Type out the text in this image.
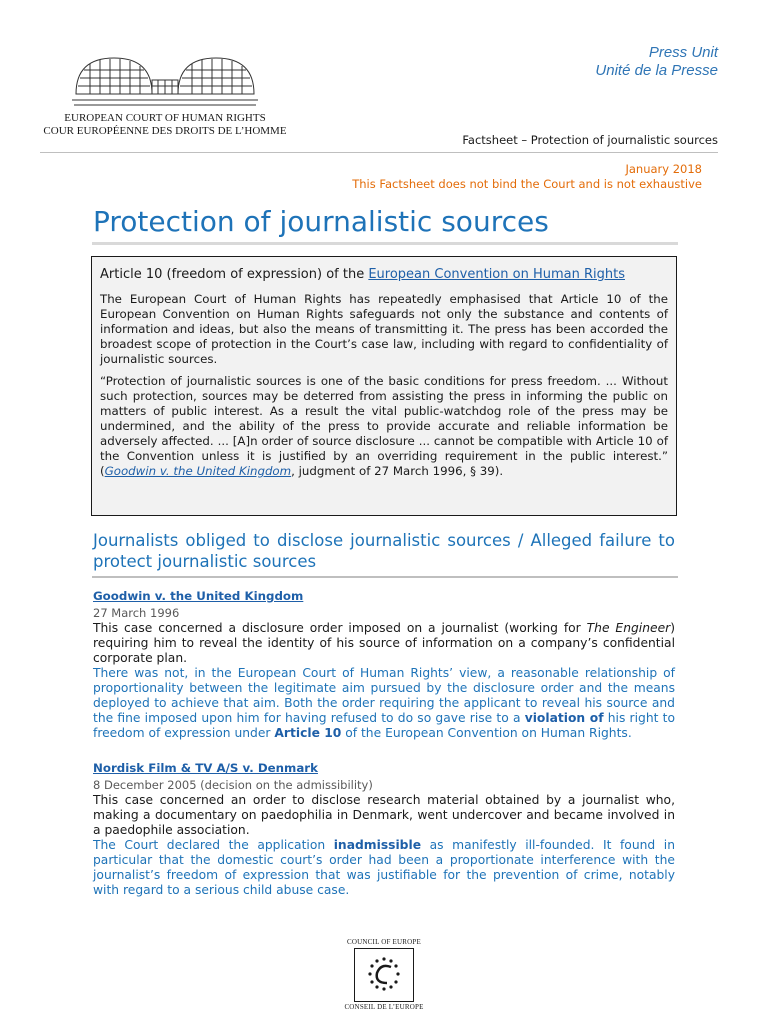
EUROPEAN COURT OF HUMAN RIGHTS
COUR EUROPÉENNE DES DROITS DE L’HOMME
Press Unit
Unité de la Presse
Factsheet – Protection of journalistic sources
January 2018
This Factsheet does not bind the Court and is not exhaustive
Protection of journalistic sources

Article 10 (freedom of expression) of the European Convention on Human Rights

The European Court of Human Rights has repeatedly emphasised that Article 10 of the European Convention on Human Rights safeguards not only the substance and contents of information and ideas, but also the means of transmitting it. The press has been accorded the broadest scope of protection in the Court’s case law, including with regard to confidentiality of journalistic sources.

“Protection of journalistic sources is one of the basic conditions for press freedom. ... Without such protection, sources may be deterred from assisting the press in informing the public on matters of public interest. As a result the vital public-watchdog role of the press may be undermined, and the ability of the press to provide accurate and reliable information be adversely affected. ... [A]n order of source disclosure ... cannot be compatible with Article 10 of the Convention unless it is justified by an overriding requirement in the public interest.” (Goodwin v. the United Kingdom, judgment of 27 March 1996, § 39).

Journalists obliged to disclose journalistic sources / Alleged failure to protect journalistic sources
Goodwin v. the United Kingdom
27 March 1996

This case concerned a disclosure order imposed on a journalist (working for The Engineer) requiring him to reveal the identity of his source of information on a company’s confidential corporate plan.

There was not, in the European Court of Human Rights’ view, a reasonable relationship of proportionality between the legitimate aim pursued by the disclosure order and the means deployed to achieve that aim. Both the order requiring the applicant to reveal his source and the fine imposed upon him for having refused to do so gave rise to a violation of his right to freedom of expression under Article 10 of the European Convention on Human Rights.

Nordisk Film & TV A/S v. Denmark
8 December 2005 (decision on the admissibility)

This case concerned an order to disclose research material obtained by a journalist who, making a documentary on paedophilia in Denmark, went undercover and became involved in a paedophile association.

The Court declared the application inadmissible as manifestly ill-founded. It found in particular that the domestic court’s order had been a proportionate interference with the journalist’s freedom of expression that was justifiable for the prevention of crime, notably with regard to a serious child abuse case.

COUNCIL OF EUROPE
CONSEIL DE L’EUROPE
